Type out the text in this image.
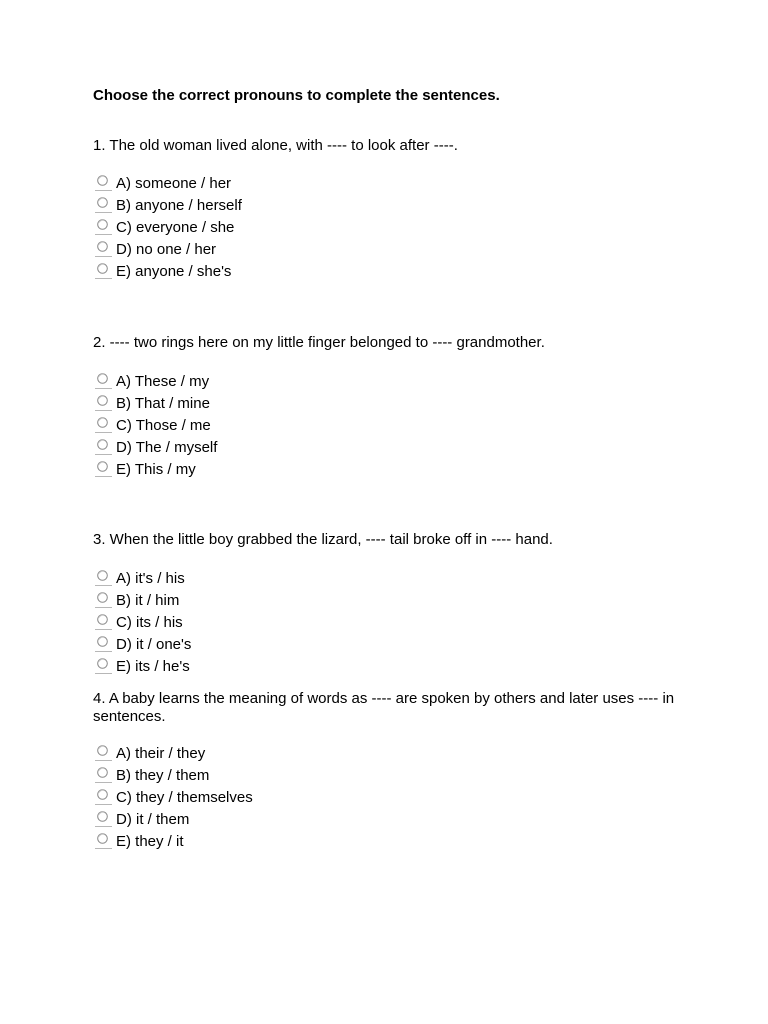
Choose the correct pronouns to complete the sentences.

1. The old woman lived alone, with ---- to look after ----.

A) someone / her
B) anyone / herself
C) everyone / she
D) no one / her
E) anyone / she's

2. ---- two rings here on my little finger belonged to ---- grandmother.

A) These / my
B) That / mine
C) Those / me
D) The / myself
E) This / my

3. When the little boy grabbed the lizard, ---- tail broke off in ---- hand.

A) it's / his
B) it / him
C) its / his
D) it / one's
E) its / he's

4. A baby learns the meaning of words as ---- are spoken by others and later uses ---- in sentences.

A) their / they
B) they / them
C) they / themselves
D) it / them
E) they / it
